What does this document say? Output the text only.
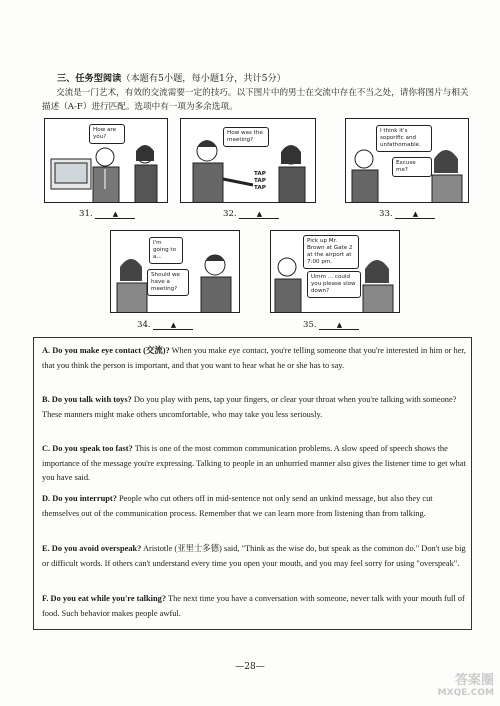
三、任务型阅读（本题有5小题，每小题1分，共计5分）
交流是一门艺术，有效的交流需要一定的技巧。以下图片中的男士在交流中存在不当之处，请你将图片与相关描述（A-F）进行匹配。选项中有一项为多余选项。
How are you?
31.	▲
How was the meeting?
TAP TAP TAP
32.	▲
I think it's soporific and unfathomable.
Excuse me?
33.	▲
I'm going to a...
Should we have a meeting?
34.	▲
Pick up Mr. Brown at Gate 2 at the airport at 7:00 pm.
Umm ... could you please slow down?
35.	▲
A. Do you make eye contact (交流)? When you make eye contact, you're telling someone that you're interested in him or her, that you think the person is important, and that you want to hear what he or she has to say.
B. Do you talk with toys? Do you play with pens, tap your fingers, or clear your throat when you're talking with someone? These manners might make others uncomfortable, who may take you less seriously.
C. Do you speak too fast? This is one of the most common communication problems. A slow speed of speech shows the importance of the message you're expressing. Talking to people in an unhurried manner also gives the listener time to get what you have said.
D. Do you interrupt? People who cut others off in mid-sentence not only send an unkind message, but also they cut themselves out of the communication process. Remember that we can learn more from listening than from talking.
E. Do you avoid overspeak? Aristotle (亚里士多德) said, "Think as the wise do, but speak as the common do." Don't use big or difficult words. If others can't understand every time you open your mouth, and you may feel sorry for using "overspeak".
F. Do you eat while you're talking? The next time you have a conversation with someone, never talk with your mouth full of food. Such behavior makes people awful.
—28—
答案圈
MXQE.COM
